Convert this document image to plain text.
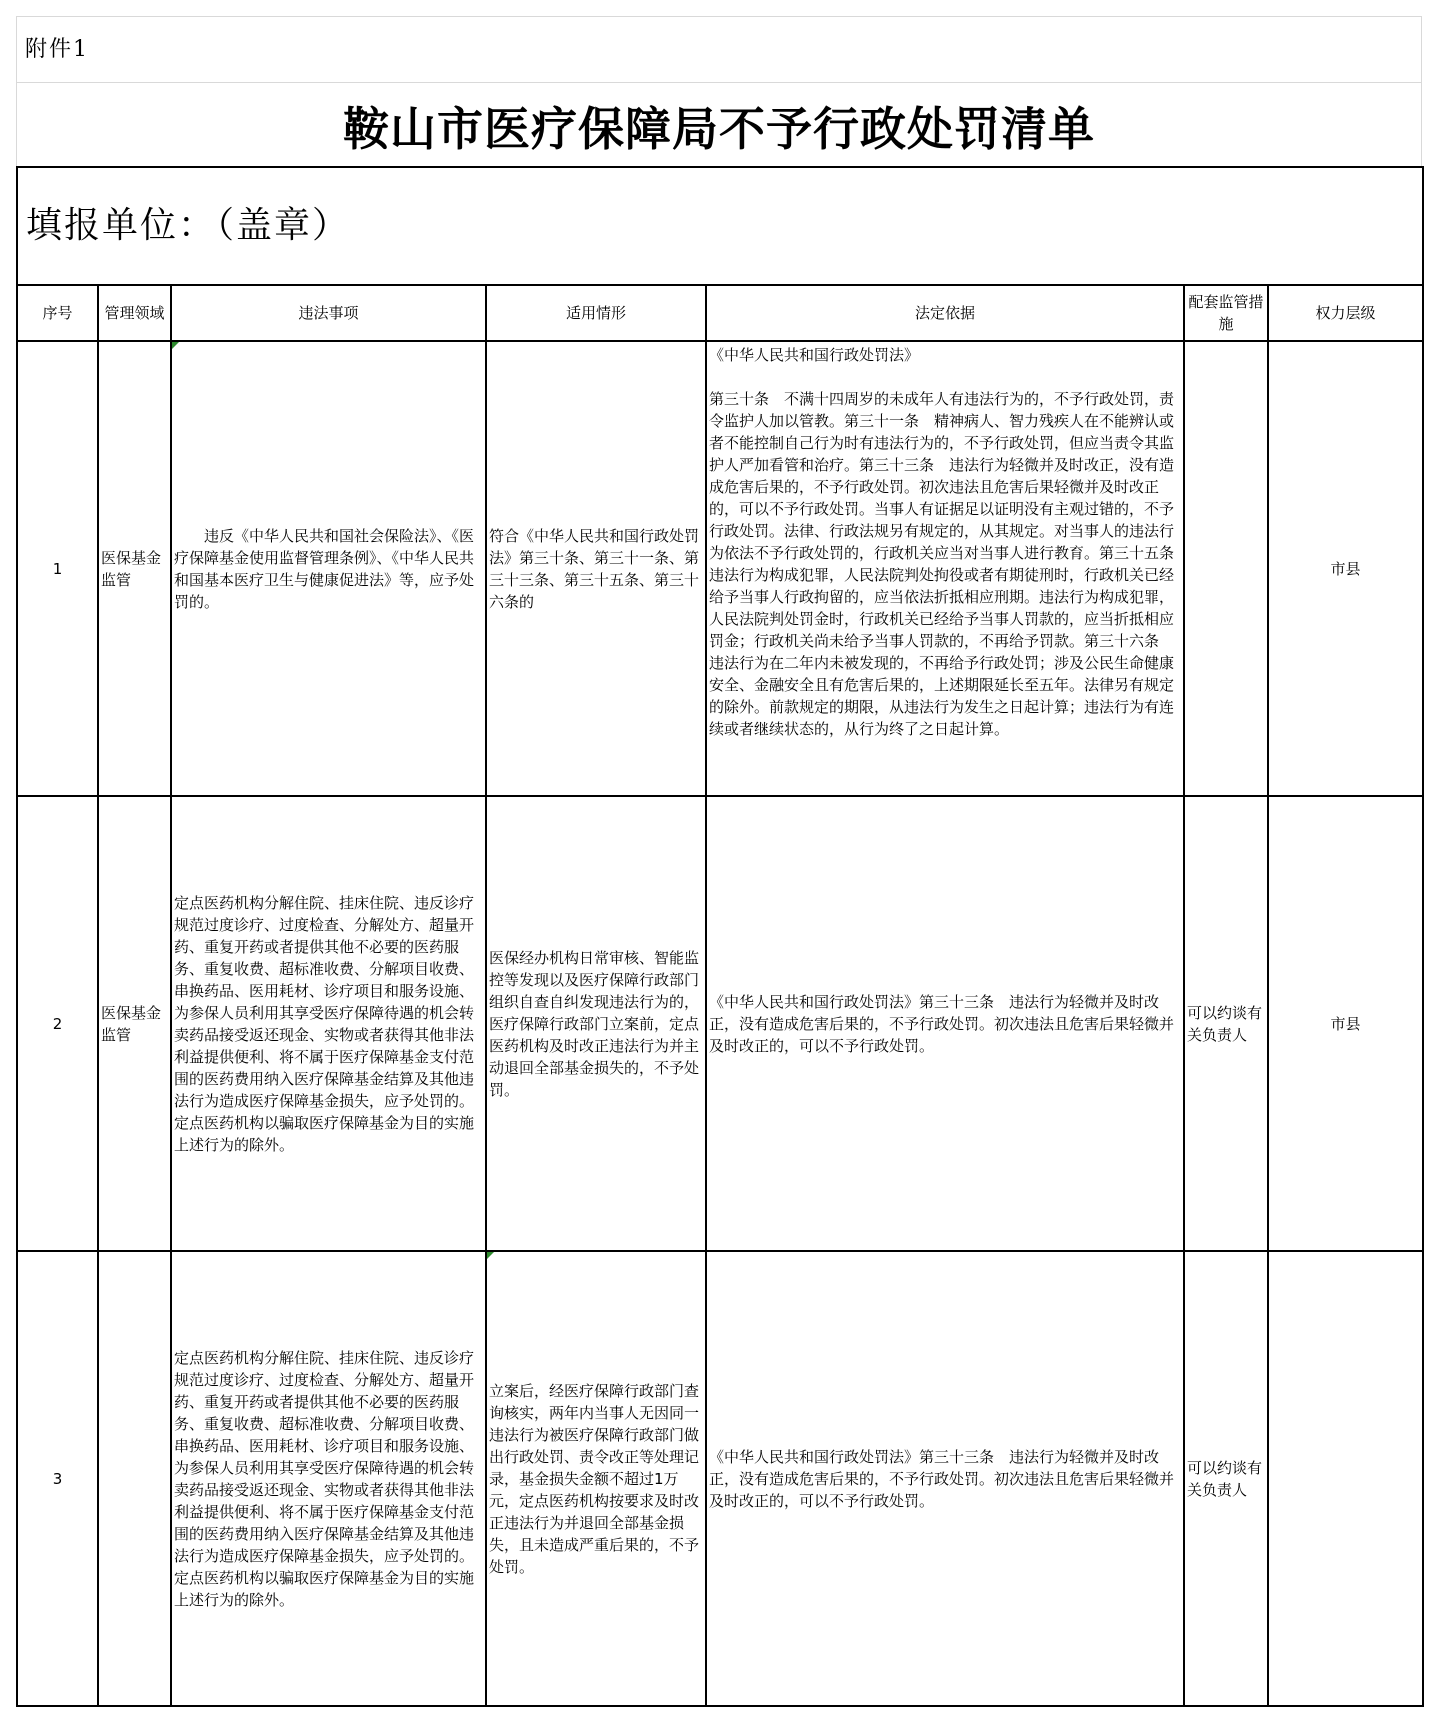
附件1
鞍山市医疗保障局不予行政处罚清单
填报单位：（盖章）						
序号	管理领域	违法事项	适用情形	法定依据	配套监管措施	权力层级
1	医保基金监管	违反《中华人民共和国社会保险法》、《医疗保障基金使用监督管理条例》、《中华人民共和国基本医疗卫生与健康促进法》等，应予处罚的。	符合《中华人民共和国行政处罚法》第三十条、第三十一条、第三十三条、第三十五条、第三十六条的	《中华人民共和国行政处罚法》
第三十条　不满十四周岁的未成年人有违法行为的，不予行政处罚，责令监护人加以管教。第三十一条　精神病人、智力残疾人在不能辨认或者不能控制自己行为时有违法行为的，不予行政处罚，但应当责令其监护人严加看管和治疗。第三十三条　违法行为轻微并及时改正，没有造成危害后果的，不予行政处罚。初次违法且危害后果轻微并及时改正的，可以不予行政处罚。当事人有证据足以证明没有主观过错的，不予行政处罚。法律、行政法规另有规定的，从其规定。对当事人的违法行为依法不予行政处罚的，行政机关应当对当事人进行教育。第三十五条　违法行为构成犯罪，人民法院判处拘役或者有期徒刑时，行政机关已经给予当事人行政拘留的，应当依法折抵相应刑期。违法行为构成犯罪，人民法院判处罚金时，行政机关已经给予当事人罚款的，应当折抵相应罚金；行政机关尚未给予当事人罚款的，不再给予罚款。第三十六条　违法行为在二年内未被发现的，不再给予行政处罚；涉及公民生命健康安全、金融安全且有危害后果的，上述期限延长至五年。法律另有规定的除外。前款规定的期限，从违法行为发生之日起计算；违法行为有连续或者继续状态的，从行为终了之日起计算。		市县
2	医保基金监管	定点医药机构分解住院、挂床住院、违反诊疗规范过度诊疗、过度检查、分解处方、超量开药、重复开药或者提供其他不必要的医药服务、重复收费、超标准收费、分解项目收费、串换药品、医用耗材、诊疗项目和服务设施、为参保人员利用其享受医疗保障待遇的机会转卖药品接受返还现金、实物或者获得其他非法利益提供便利、将不属于医疗保障基金支付范围的医药费用纳入医疗保障基金结算及其他违法行为造成医疗保障基金损失，应予处罚的。定点医药机构以骗取医疗保障基金为目的实施上述行为的除外。	医保经办机构日常审核、智能监控等发现以及医疗保障行政部门组织自查自纠发现违法行为的，医疗保障行政部门立案前，定点医药机构及时改正违法行为并主动退回全部基金损失的，不予处罚。	《中华人民共和国行政处罚法》第三十三条　违法行为轻微并及时改正，没有造成危害后果的，不予行政处罚。初次违法且危害后果轻微并及时改正的，可以不予行政处罚。	可以约谈有关负责人	市县
3		定点医药机构分解住院、挂床住院、违反诊疗规范过度诊疗、过度检查、分解处方、超量开药、重复开药或者提供其他不必要的医药服务、重复收费、超标准收费、分解项目收费、串换药品、医用耗材、诊疗项目和服务设施、为参保人员利用其享受医疗保障待遇的机会转卖药品接受返还现金、实物或者获得其他非法利益提供便利、将不属于医疗保障基金支付范围的医药费用纳入医疗保障基金结算及其他违法行为造成医疗保障基金损失，应予处罚的。定点医药机构以骗取医疗保障基金为目的实施上述行为的除外。	立案后，经医疗保障行政部门查询核实，两年内当事人无因同一违法行为被医疗保障行政部门做出行政处罚、责令改正等处理记录，基金损失金额不超过1万元，定点医药机构按要求及时改正违法行为并退回全部基金损失，且未造成严重后果的，不予处罚。	《中华人民共和国行政处罚法》第三十三条　违法行为轻微并及时改正，没有造成危害后果的，不予行政处罚。初次违法且危害后果轻微并及时改正的，可以不予行政处罚。	可以约谈有关负责人	
